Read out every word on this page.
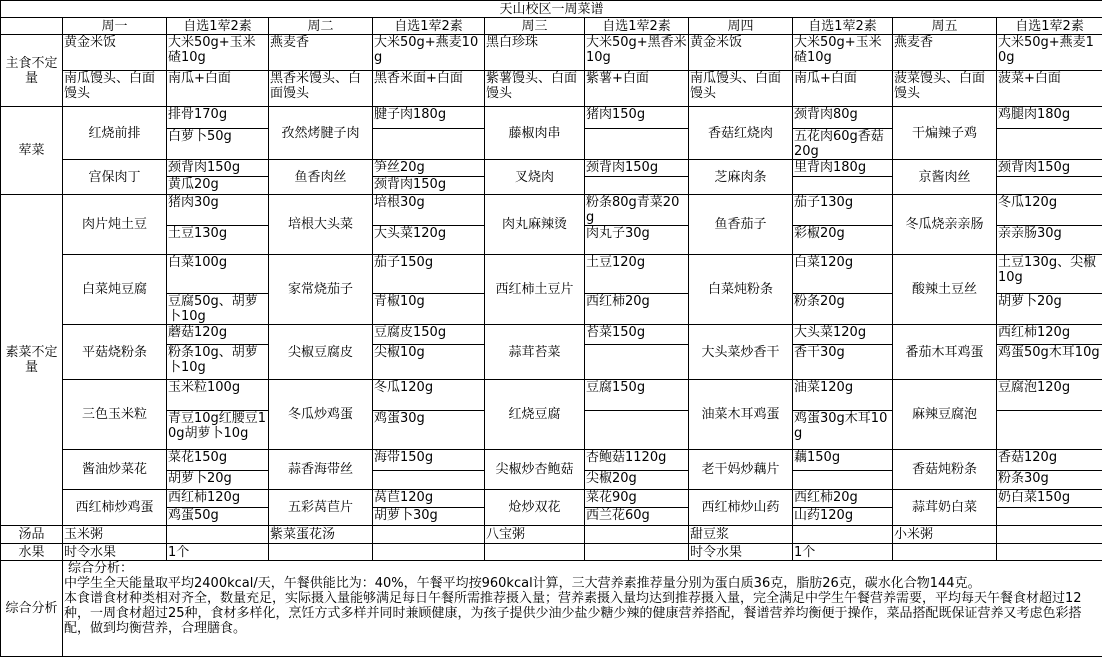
天山校区一周菜谱										
	周一	自选1荤2素	周二	自选1荤2素	周三	自选1荤2素	周四	自选1荤2素	周五	自选1荤2素
主食不定量	黄金米饭	大米50g+玉米碴10g	燕麦香	大米50g+燕麦10g	黑白珍珠	大米50g+黑香米10g	黄金米饭	大米50g+玉米碴10g	燕麦香	大米50g+燕麦10g
	南瓜馒头、白面馒头	南瓜+白面	黑香米馒头、白面馒头	黑香米面+白面	紫薯馒头、白面馒头	紫薯+白面	南瓜馒头、白面馒头	南瓜+白面	菠菜馒头、白面馒头	菠菜+白面
荤菜	红烧前排	排骨170g	孜然烤腱子肉	腱子肉180g	藤椒肉串	猪肉150g	香菇红烧肉	颈背肉80g	干煸辣子鸡	鸡腿肉180g
		白萝卜50g						五花肉60g香菇20g		
	宫保肉丁	颈背肉150g	鱼香肉丝	笋丝20g	叉烧肉	颈背肉150g	芝麻肉条	里背肉180g	京酱肉丝	颈背肉150g
		黄瓜20g		颈背肉150g						
素菜不定量	肉片炖土豆	猪肉30g	培根大头菜	培根30g	肉丸麻辣烫	粉条80g青菜20g	鱼香茄子	茄子130g	冬瓜烧亲亲肠	冬瓜120g
		土豆130g		大头菜120g		肉丸子30g		彩椒20g		亲亲肠30g
	白菜炖豆腐	白菜100g	家常烧茄子	茄子150g	西红柿土豆片	土豆120g	白菜炖粉条	白菜120g	酸辣土豆丝	土豆130g、尖椒10g
		豆腐50g、胡萝卜10g		青椒10g		西红柿20g		粉条20g		胡萝卜20g
	平菇烧粉条	蘑菇120g	尖椒豆腐皮	豆腐皮150g	蒜茸苔菜	苔菜150g	大头菜炒香干	大头菜120g	番茄木耳鸡蛋	西红柿120g
		粉条10g、胡萝卜10g		尖椒10g				香干30g		鸡蛋50g木耳10g
	三色玉米粒	玉米粒100g	冬瓜炒鸡蛋	冬瓜120g	红烧豆腐	豆腐150g	油菜木耳鸡蛋	油菜120g	麻辣豆腐泡	豆腐泡120g
		青豆10g红腰豆10g胡萝卜10g		鸡蛋30g				鸡蛋30g木耳10g		
	酱油炒菜花	菜花150g	蒜香海带丝	海带150g	尖椒炒杏鲍菇	杏鲍菇1120g	老干妈炒藕片	藕150g	香菇炖粉条	香菇120g
		胡萝卜20g				尖椒20g				粉条30g
	西红柿炒鸡蛋	西红柿120g	五彩莴苣片	莴苣120g	炝炒双花	菜花90g	西红柿炒山药	西红柿20g	蒜茸奶白菜	奶白菜150g
		鸡蛋50g		胡萝卜30g		西兰花60g		山药120g		
汤品	玉米粥		紫菜蛋花汤		八宝粥		甜豆浆		小米粥	
水果	时令水果	1个					时令水果	1个		
综合分析	综合分析：
中学生全天能量取平均2400kcal/天，午餐供能比为：40%，午餐平均按960kcal计算，三大营养素推荐量分别为蛋白质36克，脂肪26克，碳水化合物144克。
本食谱食材种类相对齐全，数量充足，实际摄入量能够满足每日午餐所需推荐摄入量；营养素摄入量均达到推荐摄入量，完全满足中学生午餐营养需要，平均每天午餐食材超过12种，一周食材超过25种，食材多样化，烹饪方式多样并同时兼顾健康，为孩子提供少油少盐少糖少辣的健康营养搭配，餐谱营养均衡便于操作，菜品搭配既保证营养又考虑色彩搭配，做到均衡营养，合理膳食。									
